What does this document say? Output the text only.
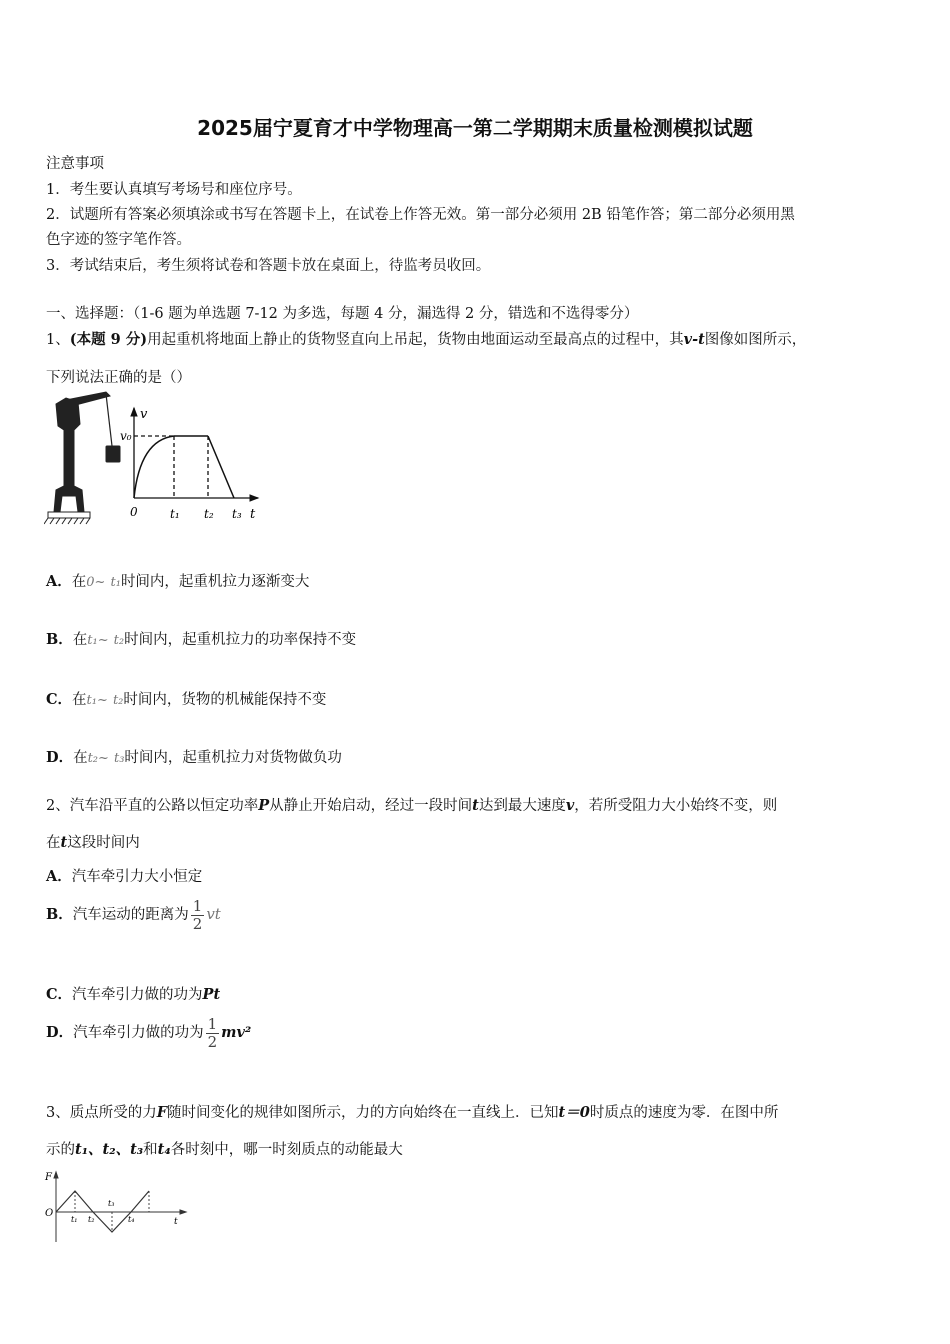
2025届宁夏育才中学物理高一第二学期期末质量检测模拟试题
注意事项
1．考生要认真填写考场号和座位序号。
2．试题所有答案必须填涂或书写在答题卡上，在试卷上作答无效。第一部分必须用 2B 铅笔作答；第二部分必须用黑
色字迹的签字笔作答。
3．考试结束后，考生须将试卷和答题卡放在桌面上，待监考员收回。
一、选择题：（1-6 题为单选题 7-12 为多选，每题 4 分，漏选得 2 分，错选和不选得零分）
1、(本题 9 分)用起重机将地面上静止的货物竖直向上吊起，货物由地面运动至最高点的过程中，其v-t图像如图所示，
下列说法正确的是（）
v
v₀
0	t₁ t₂ t₃ t
A．在0~ t₁时间内，起重机拉力逐渐变大
B．在t₁~ t₂时间内，起重机拉力的功率保持不变
C．在t₁~ t₂时间内，货物的机械能保持不变
D．在t₂~ t₃时间内，起重机拉力对货物做负功
2、汽车沿平直的公路以恒定功率P从静止开始启动，经过一段时间t达到最大速度v，若所受阻力大小始终不变，则
在t这段时间内
A．汽车牵引力大小恒定
B．汽车运动的距离为 $\frac{1}{2}$ vt
C．汽车牵引力做的功为Pt
D．汽车牵引力做的功为 $\frac{1}{2} mv^2$
3、质点所受的力F随时间变化的规律如图所示，力的方向始终在一直线上．已知t＝0时质点的速度为零．在图中所
示的t₁、t₂、t₃和t₄各时刻中，哪一时刻质点的动能最大
F
O
t₁ t₂
t₃
t₄	t
